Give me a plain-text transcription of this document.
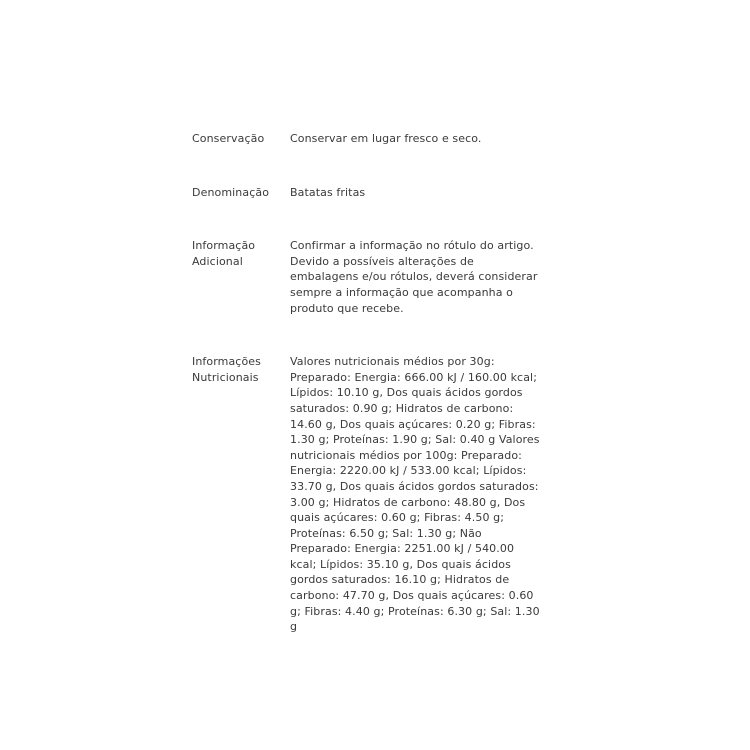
Conservação	Conservar em lugar fresco e seco.
Denominação	Batatas fritas
Informação
Adicional
Confirmar a informação no rótulo do artigo. Devido a possíveis alterações de embalagens e/ou rótulos, deverá considerar sempre a informação que acompanha o produto que recebe.
Informações
Nutricionais
Valores nutricionais médios por 30g: Preparado: Energia: 666.00 kJ / 160.00 kcal; Lípidos: 10.10 g, Dos quais ácidos gordos saturados: 0.90 g; Hidratos de carbono: 14.60 g, Dos quais açúcares: 0.20 g; Fibras: 1.30 g; Proteínas: 1.90 g; Sal: 0.40 g Valores nutricionais médios por 100g: Preparado: Energia: 2220.00 kJ / 533.00 kcal; Lípidos: 33.70 g, Dos quais ácidos gordos saturados: 3.00 g; Hidratos de carbono: 48.80 g, Dos quais açúcares: 0.60 g; Fibras: 4.50 g; Proteínas: 6.50 g; Sal: 1.30 g; Não Preparado: Energia: 2251.00 kJ / 540.00 kcal; Lípidos: 35.10 g, Dos quais ácidos gordos saturados: 16.10 g; Hidratos de carbono: 47.70 g, Dos quais açúcares: 0.60 g; Fibras: 4.40 g; Proteínas: 6.30 g; Sal: 1.30 g
